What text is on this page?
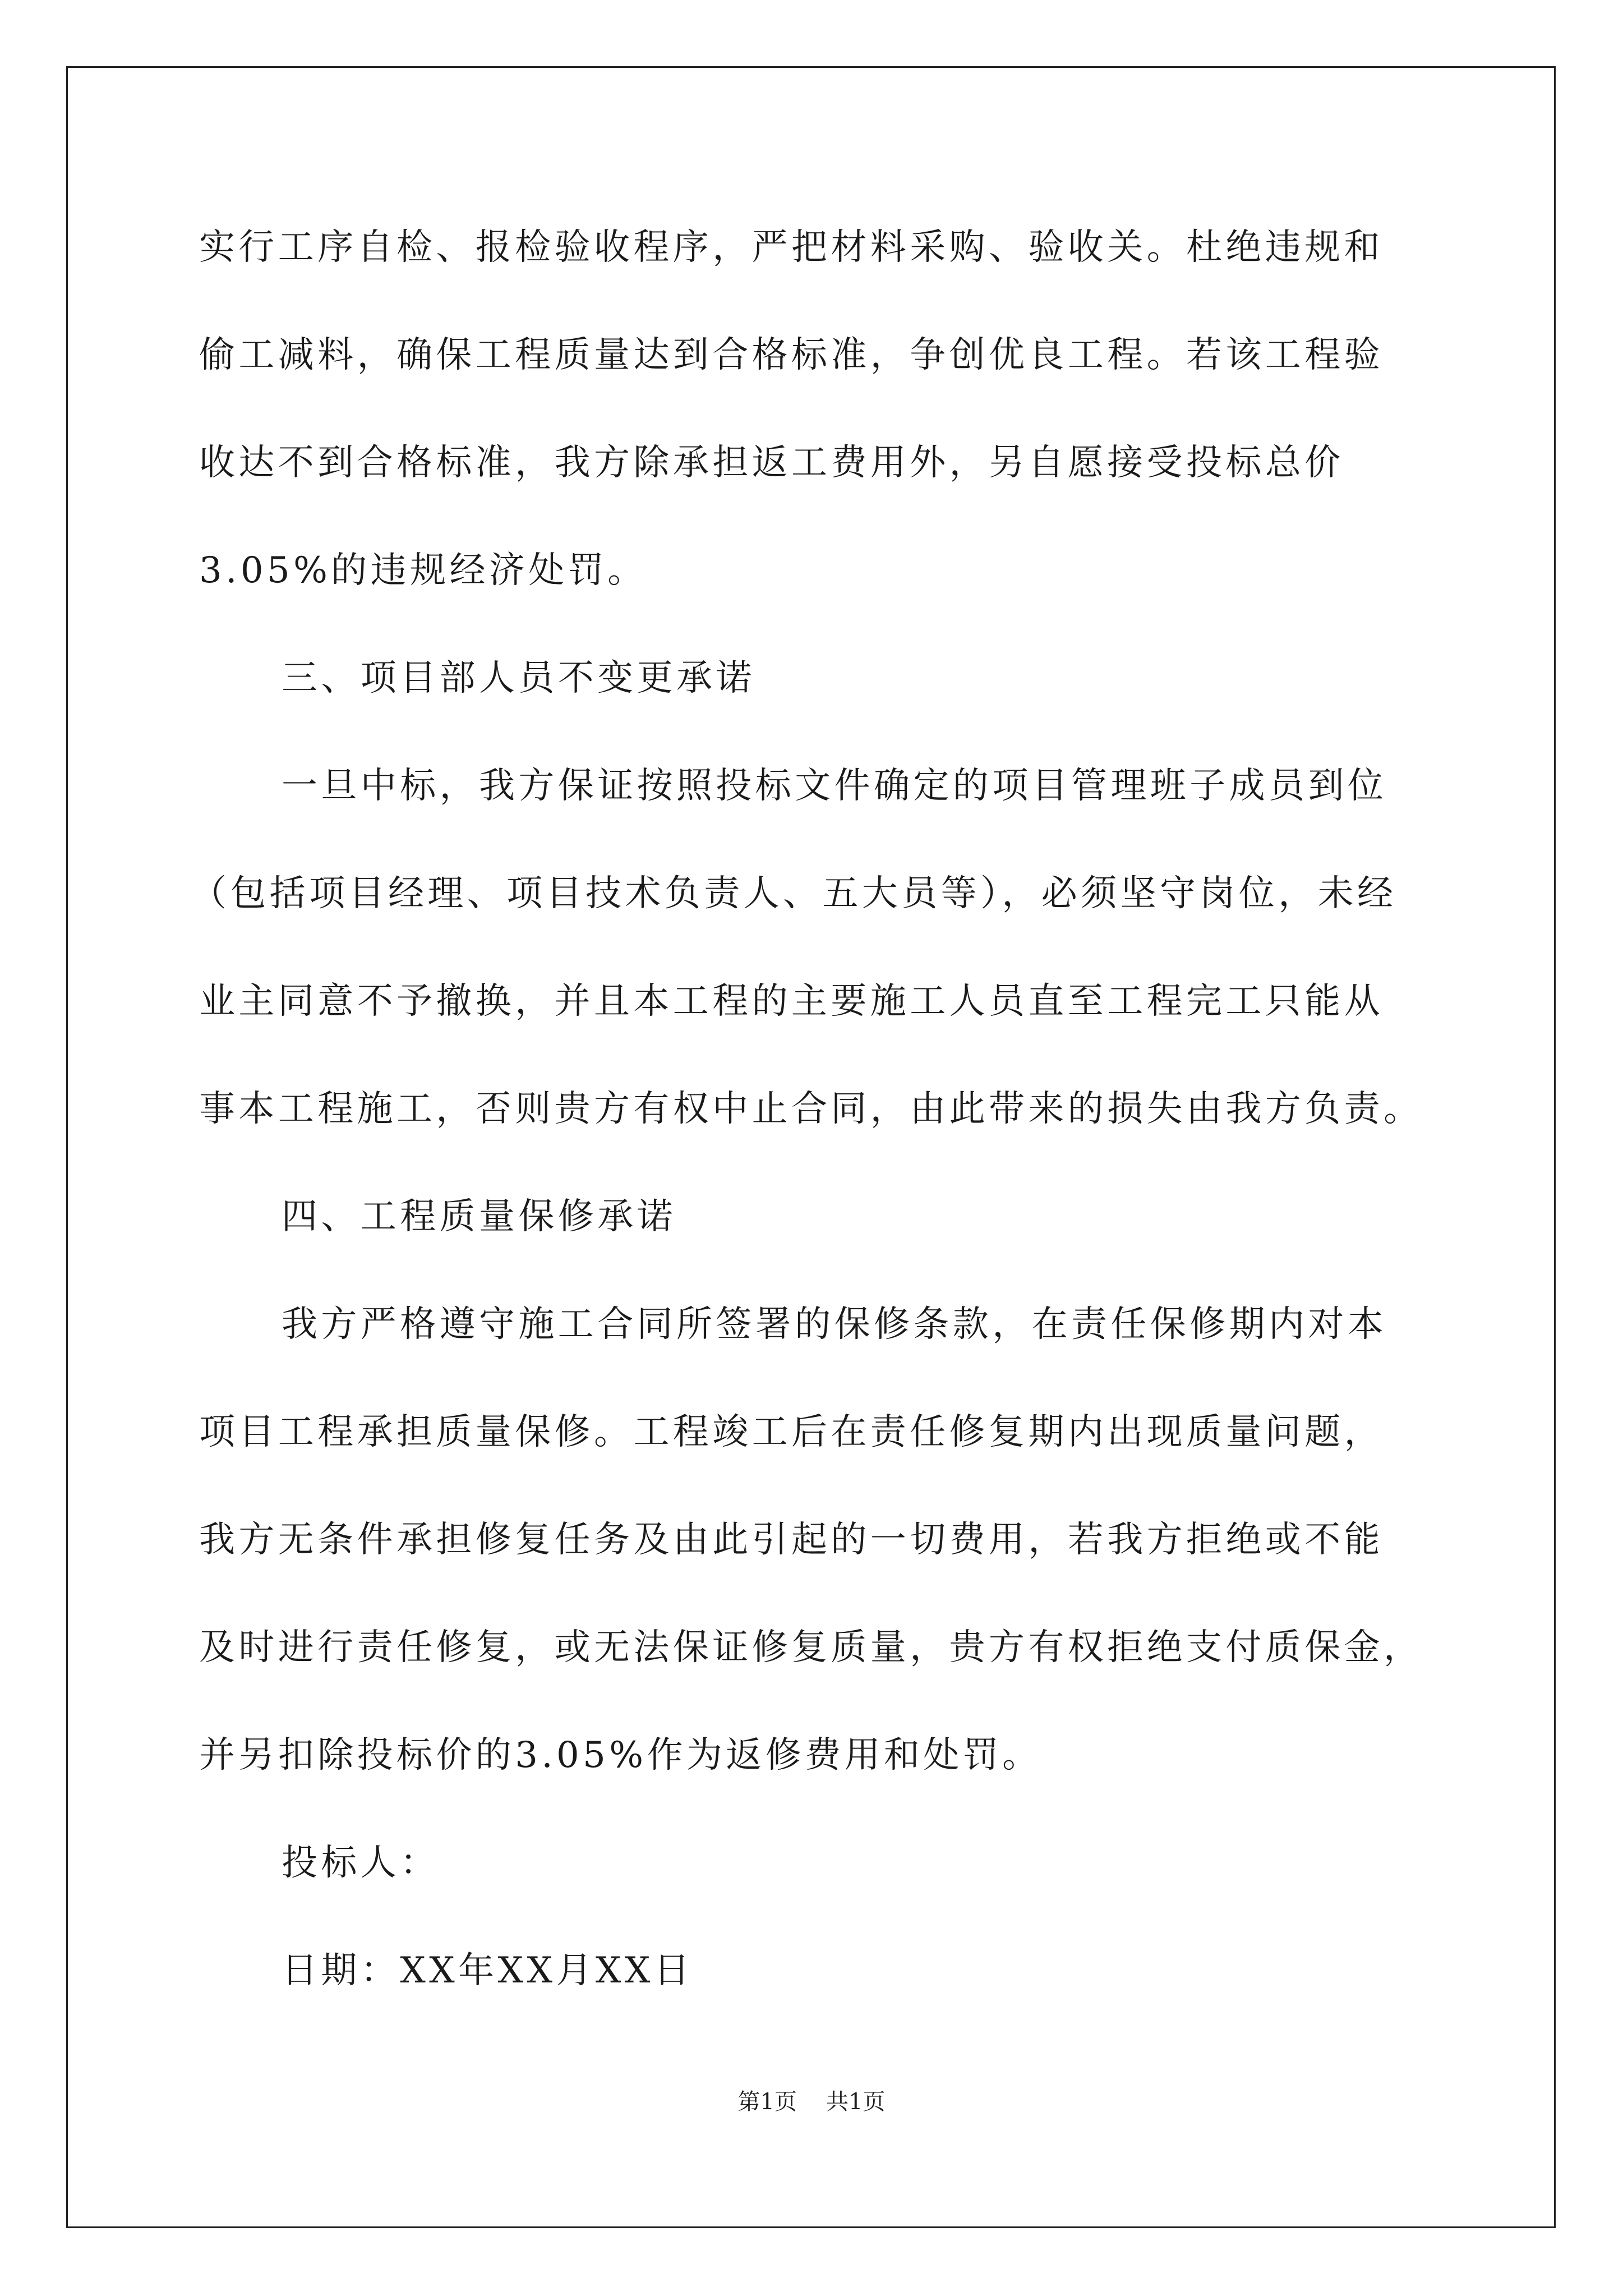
实行工序自检、报检验收程序，严把材料采购、验收关。杜绝违规和
偷工减料，确保工程质量达到合格标准，争创优良工程。若该工程验
收达不到合格标准，我方除承担返工费用外，另自愿接受投标总价
3.05%的违规经济处罚。
三、项目部人员不变更承诺
一旦中标，我方保证按照投标文件确定的项目管理班子成员到位
（包括项目经理、项目技术负责人、五大员等），必须坚守岗位，未经
业主同意不予撤换，并且本工程的主要施工人员直至工程完工只能从
事本工程施工，否则贵方有权中止合同，由此带来的损失由我方负责。
四、工程质量保修承诺
我方严格遵守施工合同所签署的保修条款，在责任保修期内对本
项目工程承担质量保修。工程竣工后在责任修复期内出现质量问题，
我方无条件承担修复任务及由此引起的一切费用，若我方拒绝或不能
及时进行责任修复，或无法保证修复质量，贵方有权拒绝支付质保金，
并另扣除投标价的3.05%作为返修费用和处罚。
投标人：
日期：XX年XX月XX日
第1页 共1页
